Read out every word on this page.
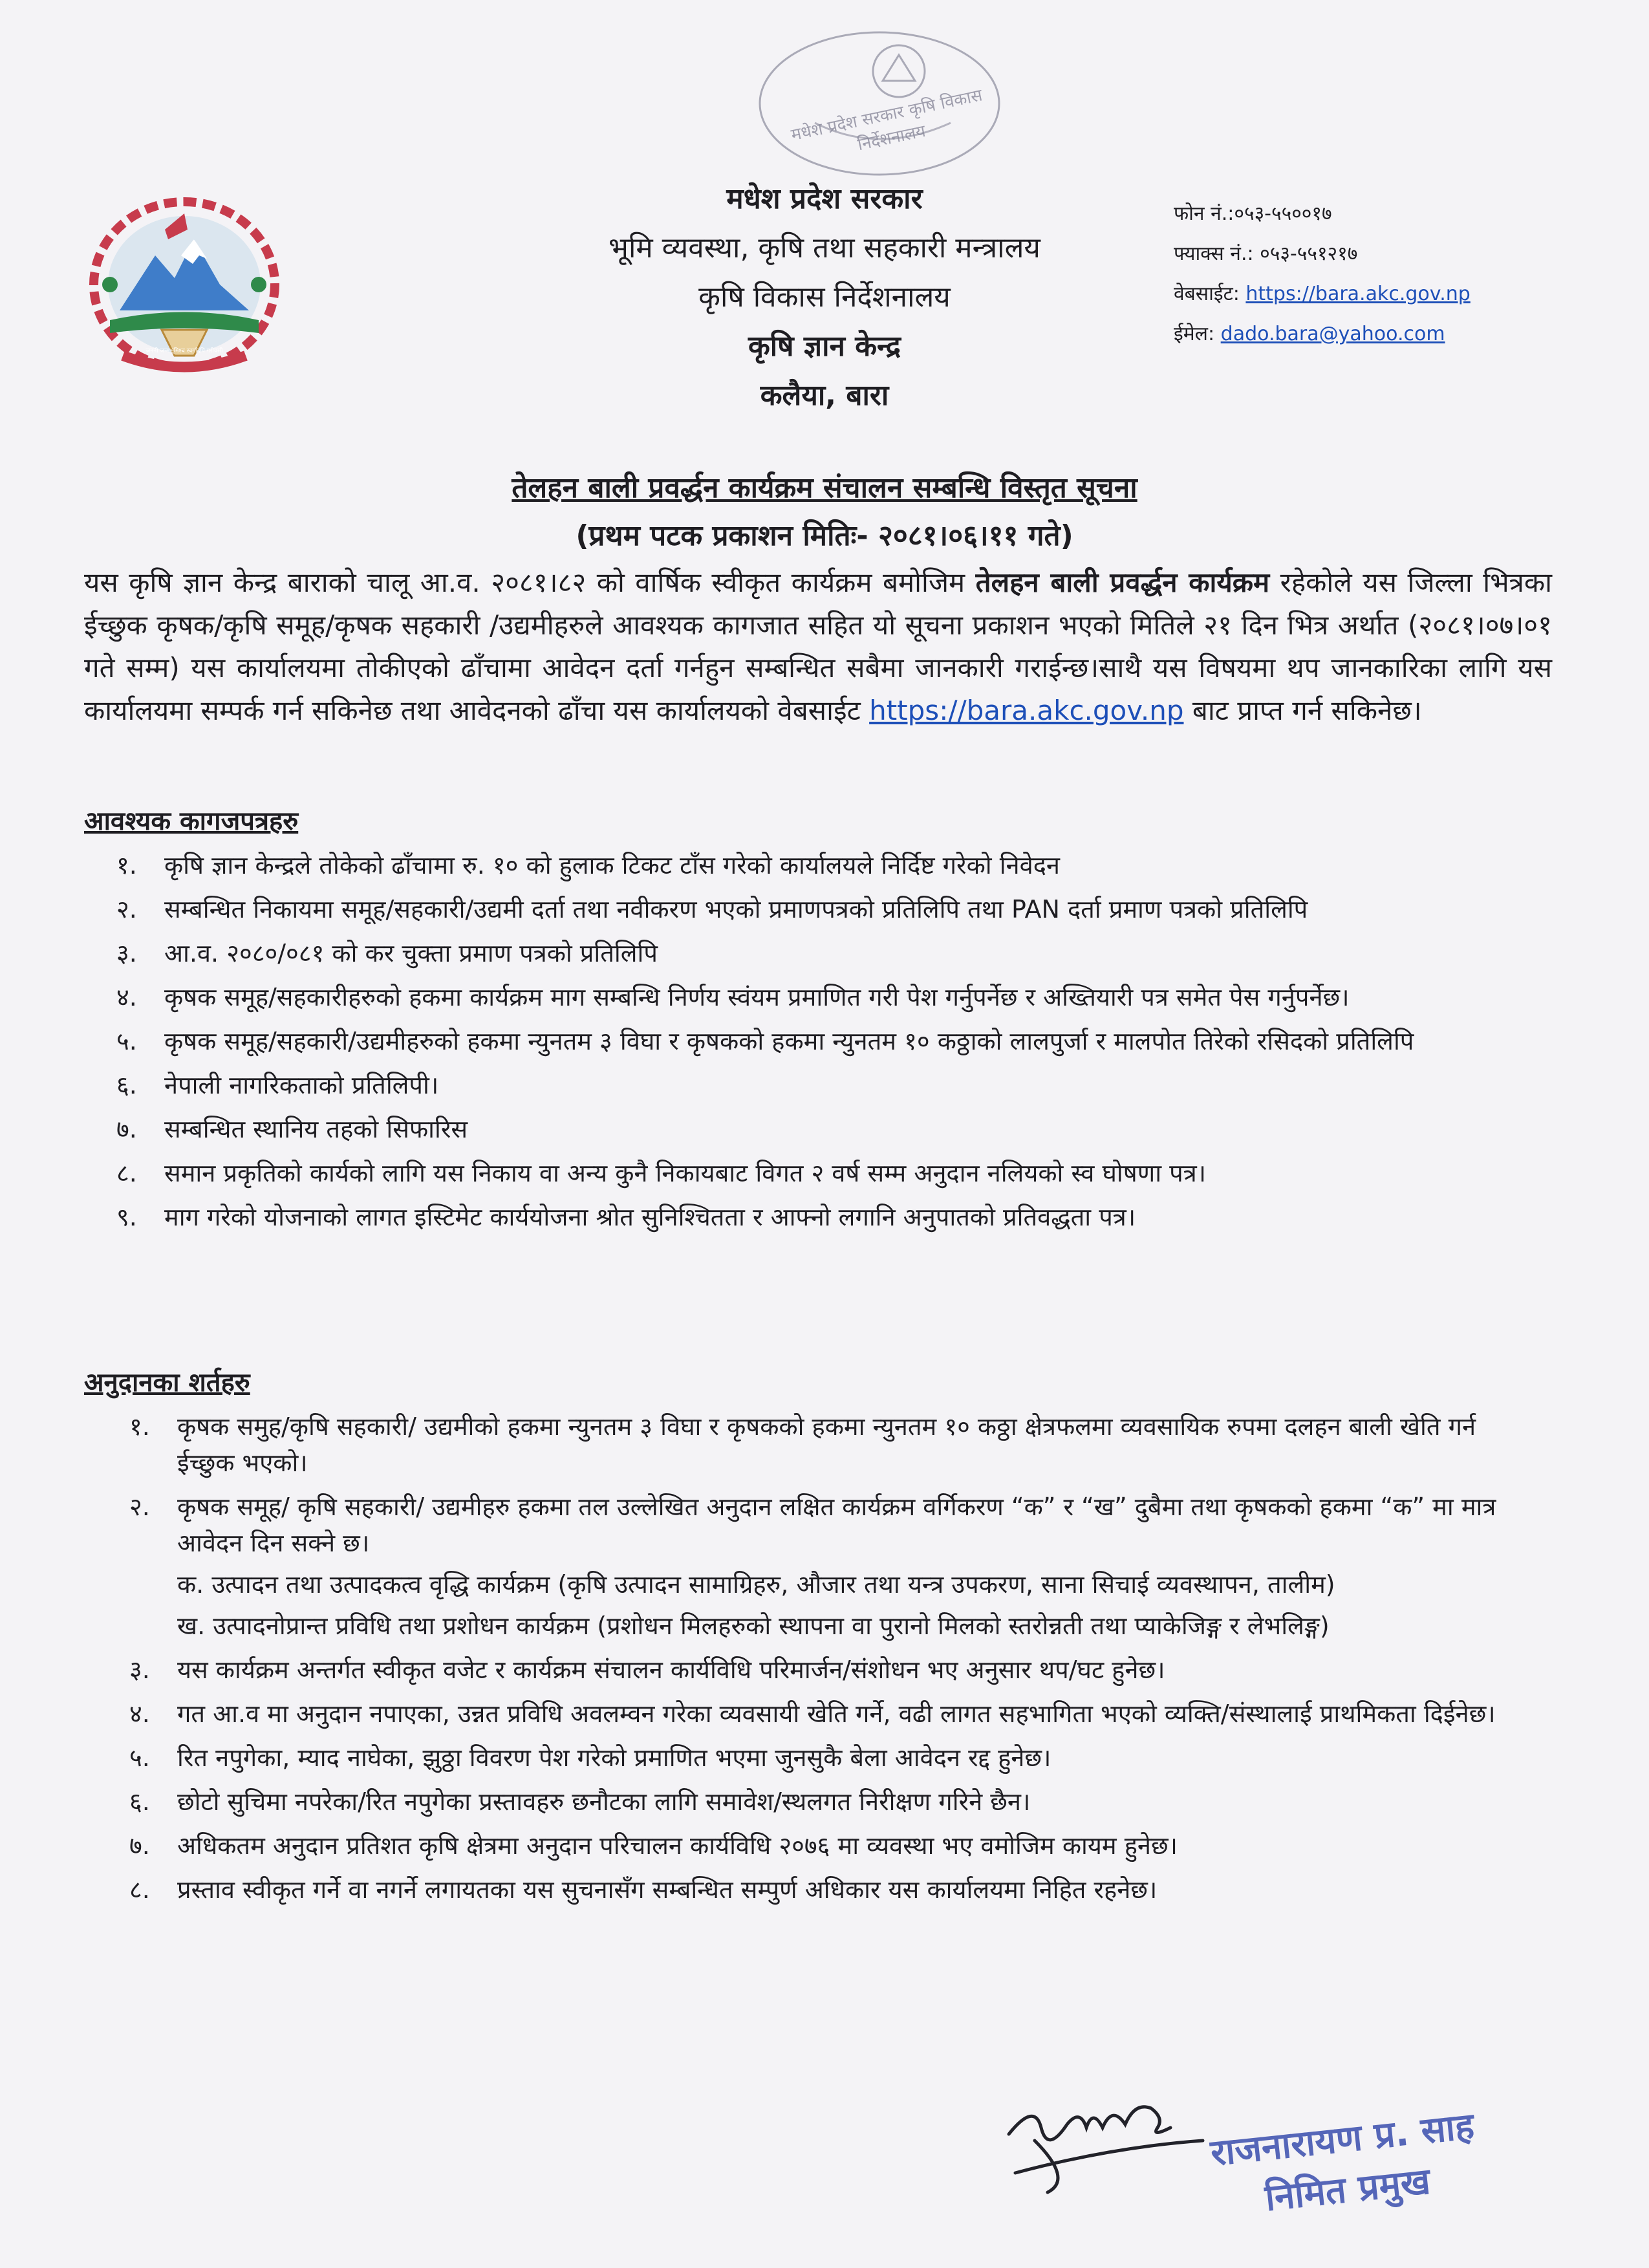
जननी जन्मभूमिश्च स्वर्गादपि गरीयसी
मधेश प्रदेश सरकार कृषि विकास निर्देशनालय
मधेश प्रदेश सरकार
भूमि व्यवस्था, कृषि तथा सहकारी मन्त्रालय
कृषि विकास निर्देशनालय
कृषि ज्ञान केन्द्र
कलैया, बारा
फोन नं.:०५३-५५००१७
फ्याक्स नं.: ०५३-५५१२१७
वेबसाईट: https://bara.akc.gov.np
ईमेल: dado.bara@yahoo.com
तेलहन बाली प्रवर्द्धन कार्यक्रम संचालन सम्बन्धि विस्तृत सूचना
(प्रथम पटक प्रकाशन मितिः- २०८१।०६।११ गते)
यस कृषि ज्ञान केन्द्र बाराको चालू आ.व. २०८१।८२ को वार्षिक स्वीकृत कार्यक्रम बमोजिम तेलहन बाली प्रवर्द्धन कार्यक्रम रहेकोले यस जिल्ला भित्रका ईच्छुक कृषक/कृषि समूह/कृषक सहकारी /उद्यमीहरुले आवश्यक कागजात सहित यो सूचना प्रकाशन भएको मितिले २१ दिन भित्र अर्थात (२०८१।०७।०१ गते सम्म) यस कार्यालयमा तोकीएको ढाँचामा आवेदन दर्ता गर्नहुन सम्बन्धित सबैमा जानकारी गराईन्छ।साथै यस विषयमा थप जानकारिका लागि यस कार्यालयमा सम्पर्क गर्न सकिनेछ तथा आवेदनको ढाँचा यस कार्यालयको वेबसाईट https://bara.akc.gov.np बाट प्राप्त गर्न सकिनेछ।
आवश्यक कागजपत्रहरु
१.	कृषि ज्ञान केन्द्रले तोकेको ढाँचामा रु. १० को हुलाक टिकट टाँस गरेको कार्यालयले निर्दिष्ट गरेको निवेदन
२.	सम्बन्धित निकायमा समूह/सहकारी/उद्यमी दर्ता तथा नवीकरण भएको प्रमाणपत्रको प्रतिलिपि तथा PAN दर्ता प्रमाण पत्रको प्रतिलिपि
३.	आ.व. २०८०/०८१ को कर चुक्ता प्रमाण पत्रको प्रतिलिपि
४.	कृषक समूह/सहकारीहरुको हकमा कार्यक्रम माग सम्बन्धि निर्णय स्वंयम प्रमाणित गरी पेश गर्नुपर्नेछ र अख्तियारी पत्र समेत पेस गर्नुपर्नेछ।
५.	कृषक समूह/सहकारी/उद्यमीहरुको हकमा न्युनतम ३ विघा र कृषकको हकमा न्युनतम १० कठ्ठाको लालपुर्जा र मालपोत तिरेको रसिदको प्रतिलिपि
६.	नेपाली नागरिकताको प्रतिलिपी।
७.	सम्बन्धित स्थानिय तहको सिफारिस
८.	समान प्रकृतिको कार्यको लागि यस निकाय वा अन्य कुनै निकायबाट विगत २ वर्ष सम्म अनुदान नलियको स्व घोषणा पत्र।
९.	माग गरेको योजनाको लागत इस्टिमेट कार्ययोजना श्रोत सुनिश्चितता र आफ्नो लगानि अनुपातको प्रतिवद्धता पत्र।
अनुदानका शर्तहरु
१.	कृषक समुह/कृषि सहकारी/ उद्यमीको हकमा न्युनतम ३ विघा र कृषकको हकमा न्युनतम १० कठ्ठा क्षेत्रफलमा व्यवसायिक रुपमा दलहन बाली खेति गर्न ईच्छुक भएको।
२.	कृषक समूह/ कृषि सहकारी/ उद्यमीहरु हकमा तल उल्लेखित अनुदान लक्षित कार्यक्रम वर्गिकरण “क” र “ख” दुबैमा तथा कृषकको हकमा “क” मा मात्र आवेदन दिन सक्ने छ।
क. उत्पादन तथा उत्पादकत्व वृद्धि कार्यक्रम (कृषि उत्पादन सामाग्रिहरु, औजार तथा यन्त्र उपकरण, साना सिचाई व्यवस्थापन, तालीम)
ख. उत्पादनोप्रान्त प्रविधि तथा प्रशोधन कार्यक्रम (प्रशोधन मिलहरुको स्थापना वा पुरानो मिलको स्तरोन्नती तथा प्याकेजिङ्ग र लेभलिङ्ग)
३.	यस कार्यक्रम अन्तर्गत स्वीकृत वजेट र कार्यक्रम संचालन कार्यविधि परिमार्जन/संशोधन भए अनुसार थप/घट हुनेछ।
४.	गत आ.व मा अनुदान नपाएका, उन्नत प्रविधि अवलम्वन गरेका व्यवसायी खेति गर्ने, वढी लागत सहभागिता भएको व्यक्ति/संस्थालाई प्राथमिकता दिईनेछ।
५.	रित नपुगेका, म्याद नाघेका, झुठ्ठा विवरण पेश गरेको प्रमाणित भएमा जुनसुकै बेला आवेदन रद्द हुनेछ।
६.	छोटो सुचिमा नपरेका/रित नपुगेका प्रस्तावहरु छनौटका लागि समावेश/स्थलगत निरीक्षण गरिने छैन।
७.	अधिकतम अनुदान प्रतिशत कृषि क्षेत्रमा अनुदान परिचालन कार्यविधि २०७६ मा व्यवस्था भए वमोजिम कायम हुनेछ।
८.	प्रस्ताव स्वीकृत गर्ने वा नगर्ने लगायतका यस सुचनासँग सम्बन्धित सम्पुर्ण अधिकार यस कार्यालयमा निहित रहनेछ।
राजनारायण प्र. साह
निमित प्रमुख
